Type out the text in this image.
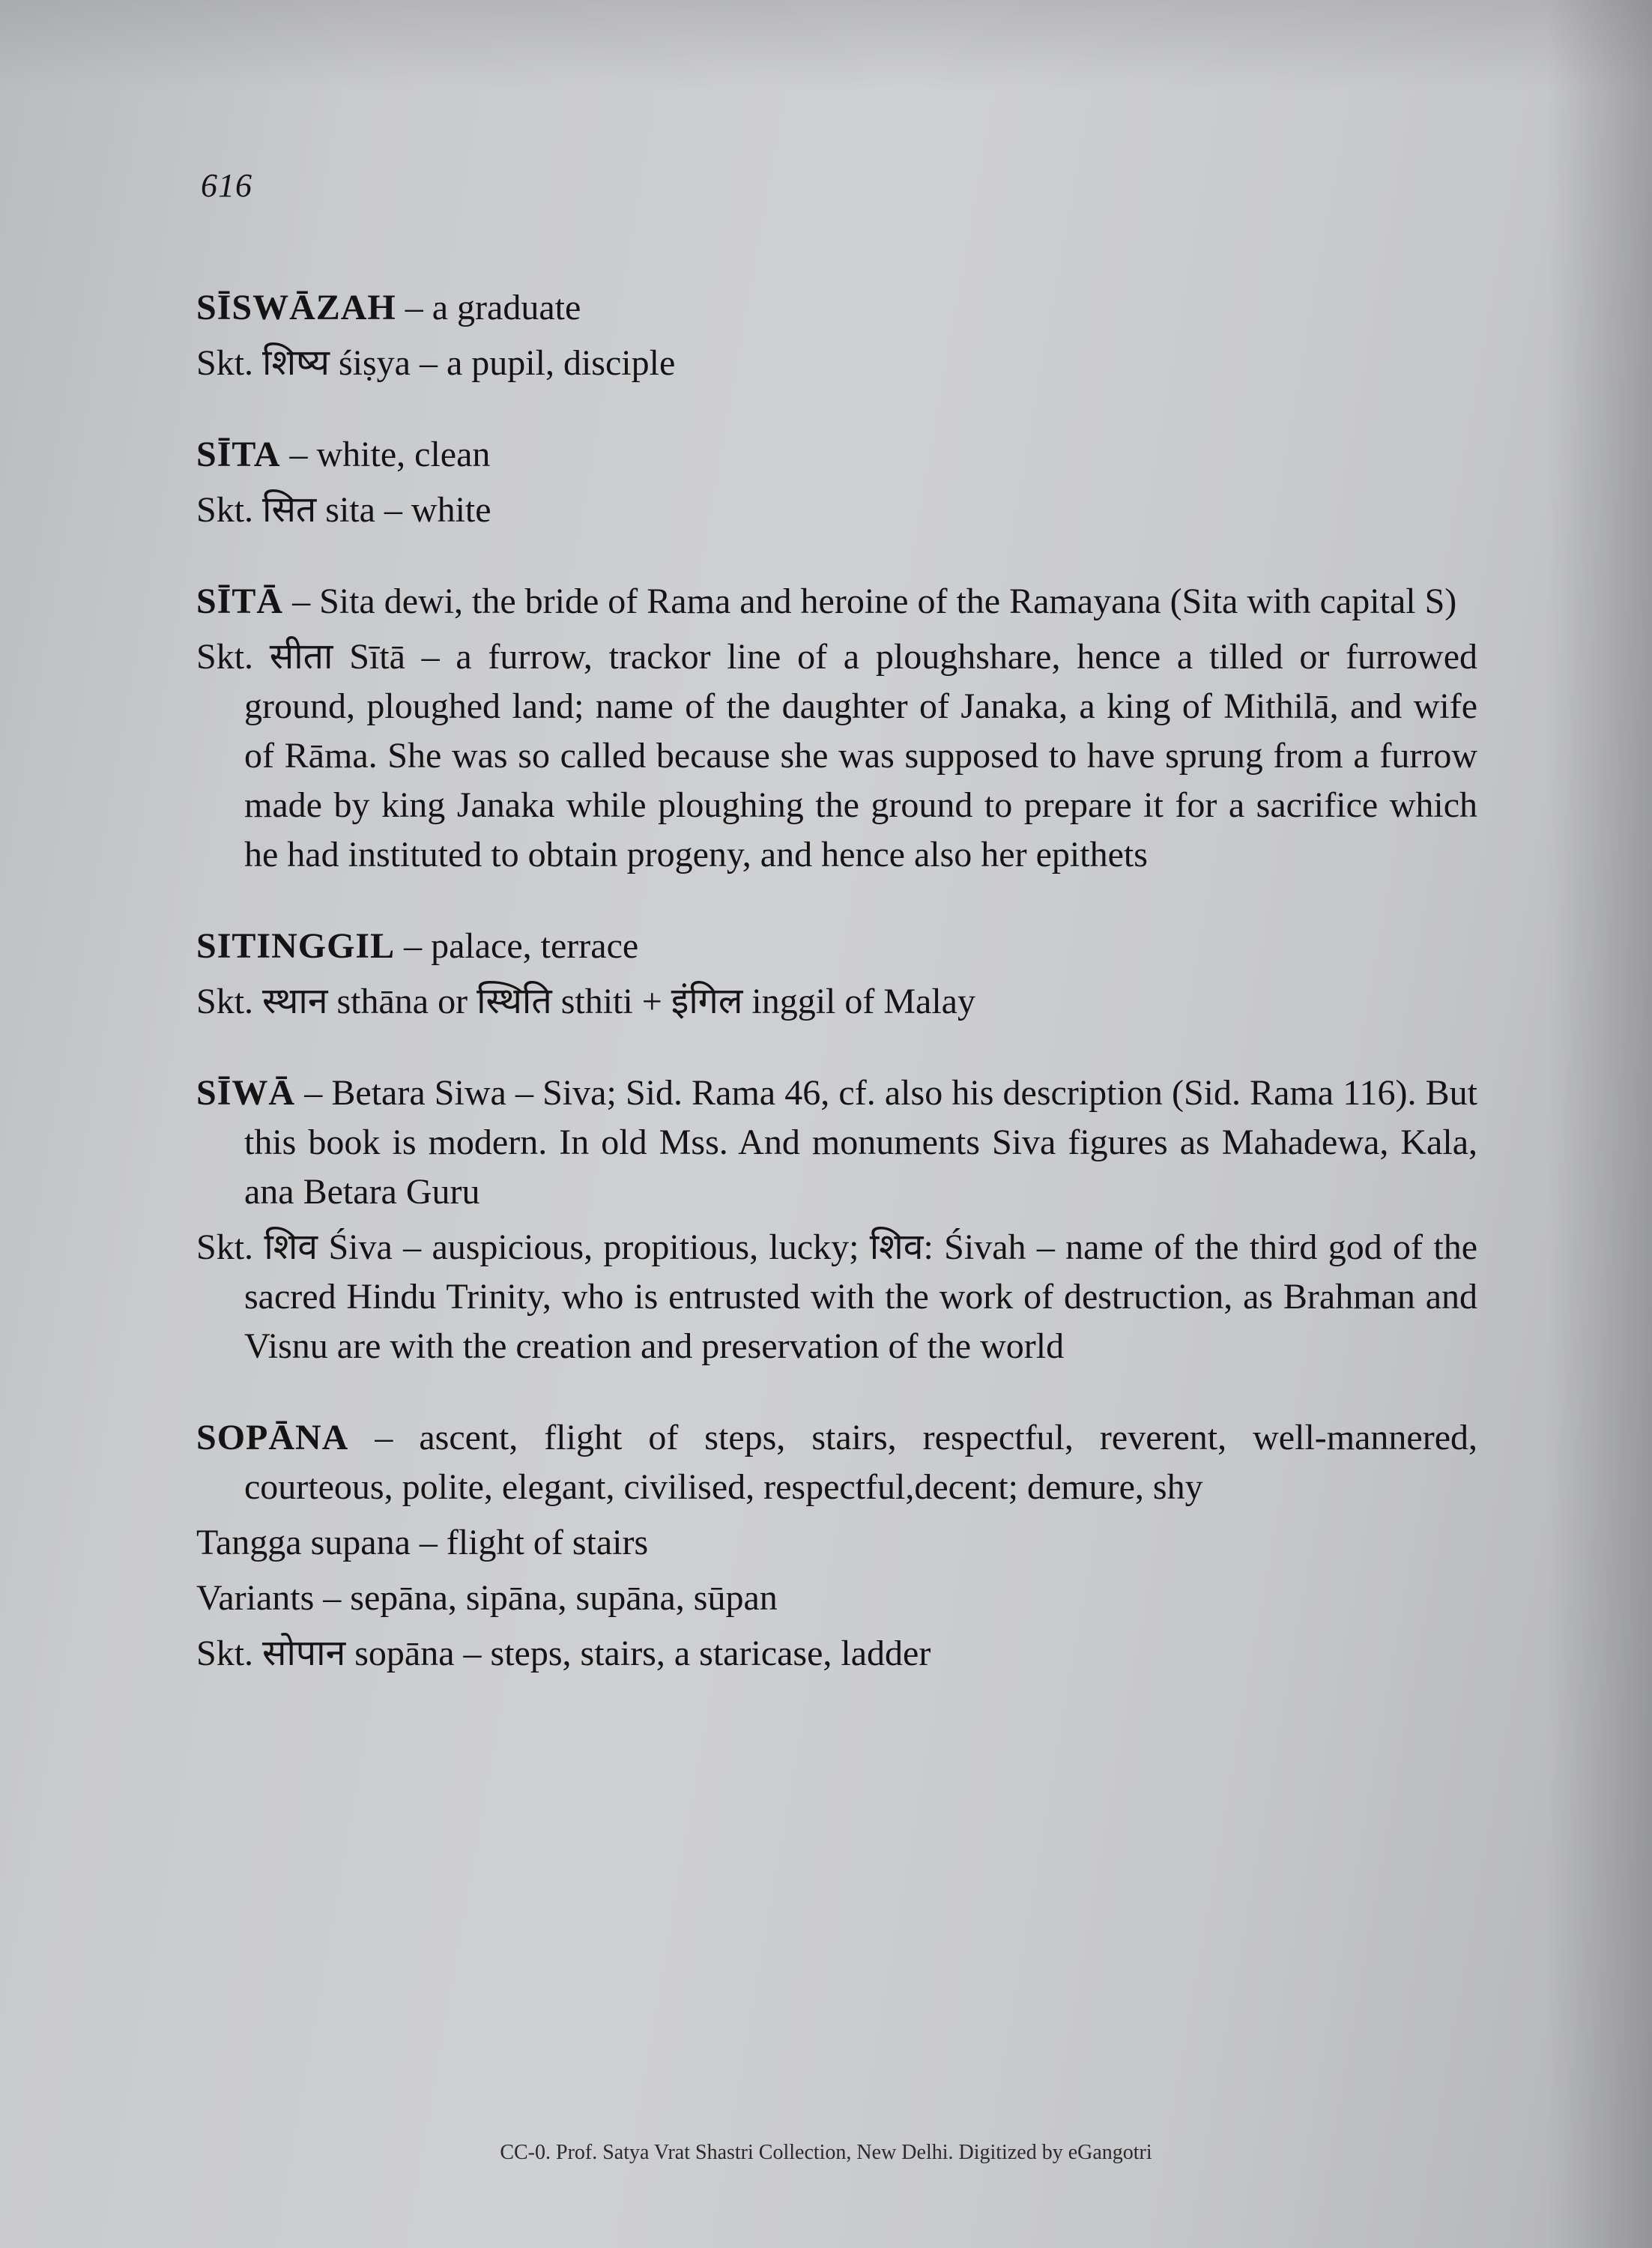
616

SĪSWĀZAH – a graduate

Skt. शिष्य śiṣya – a pupil, disciple

SĪTA – white, clean

Skt. सित sita – white

SĪTĀ – Sita dewi, the bride of Rama and heroine of the Ramayana (Sita with capital S)

Skt. सीता Sītā – a furrow, trackor line of a ploughshare, hence a tilled or furrowed ground, ploughed land; name of the daughter of Janaka, a king of Mithilā, and wife of Rāma. She was so called because she was supposed to have sprung from a furrow made by king Janaka while ploughing the ground to prepare it for a sacrifice which he had instituted to obtain progeny, and hence also her epithets

SITINGGIL – palace, terrace

Skt. स्थान sthāna or स्थिति sthiti + इंगिल inggil of Malay

SĪWĀ – Betara Siwa – Siva; Sid. Rama 46, cf. also his description (Sid. Rama 116). But this book is modern. In old Mss. And monuments Siva figures as Mahadewa, Kala, ana Betara Guru

Skt. शिव Śiva – auspicious, propitious, lucky; शिव: Śivah – name of the third god of the sacred Hindu Trinity, who is entrusted with the work of destruction, as Brahman and Visnu are with the creation and preservation of the world

SOPĀNA – ascent, flight of steps, stairs, respectful, reverent, well-mannered, courteous, polite, elegant, civilised, respectful,decent; demure, shy

Tangga supana – flight of stairs

Variants – sepāna, sipāna, supāna, sūpan

Skt. सोपान sopāna – steps, stairs, a staricase, ladder

CC-0. Prof. Satya Vrat Shastri Collection, New Delhi. Digitized by eGangotri
